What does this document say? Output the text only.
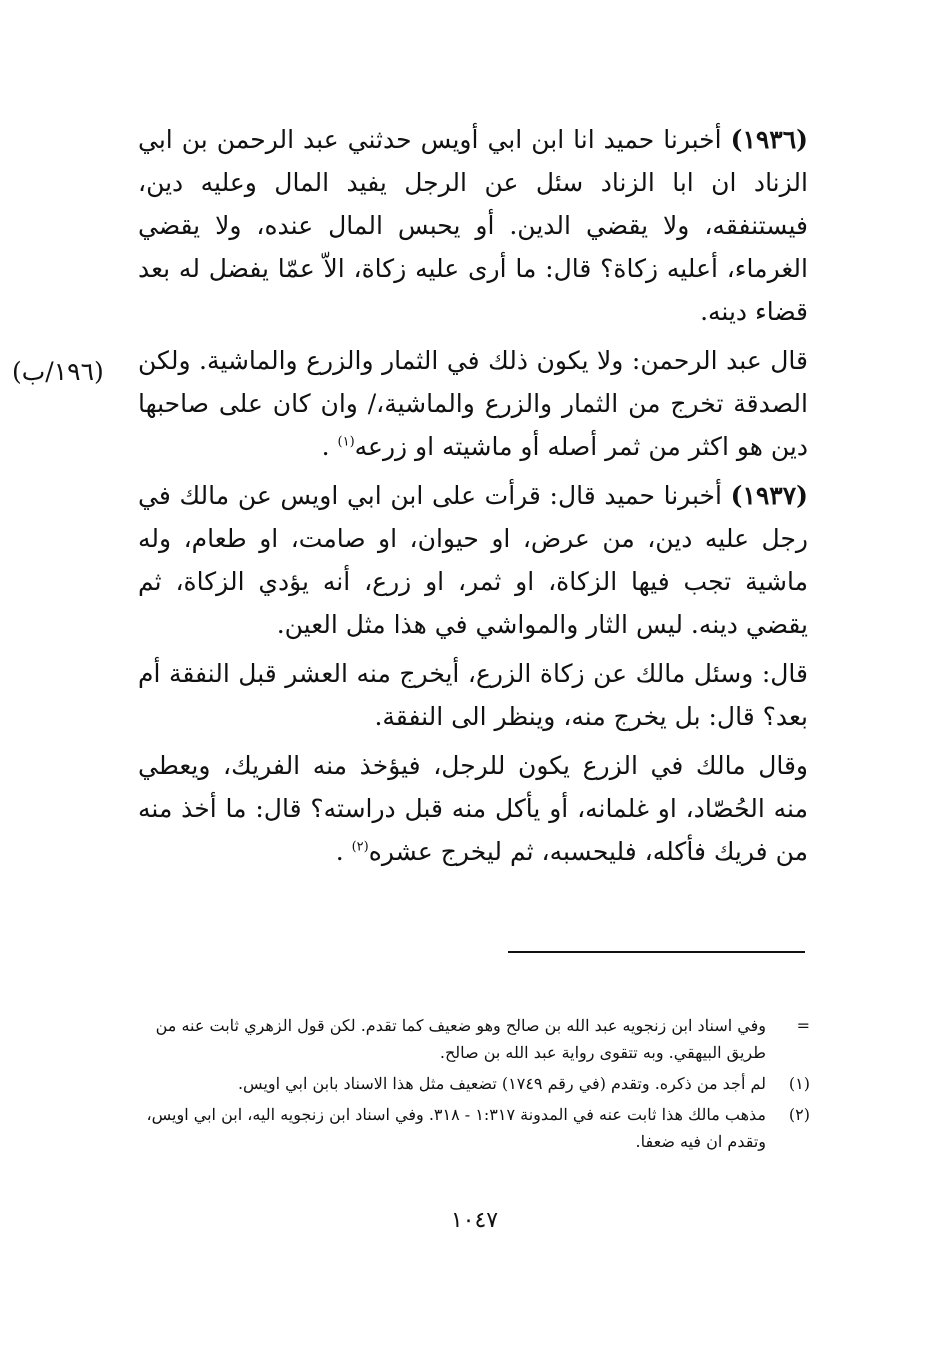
(١٩٣٦) أخبرنا حميد انا ابن ابي أويس حدثني عبد الرحمن بن ابي الزناد ان ابا الزناد سئل عن الرجل يفيد المال وعليه دين، فيستنفقه، ولا يقضي الدين. أو يحبس المال عنده، ولا يقضي الغرماء، أعليه زكاة؟ قال: ما أرى عليه زكاة، الاّ عمّا يفضل له بعد قضاء دينه.

قال عبد الرحمن: ولا يكون ذلك في الثمار والزرع والماشية. ولكن الصدقة تخرج من الثمار والزرع والماشية،/ وان كان على صاحبها دين هو اكثر من ثمر أصله أو ماشيته او زرعه$^{(١)}$ .

(١٩٣٧) أخبرنا حميد قال: قرأت على ابن ابي اويس عن مالك في رجل عليه دين، من عرض، او حيوان، او صامت، او طعام، وله ماشية تجب فيها الزكاة، او ثمر، او زرع، أنه يؤدي الزكاة، ثم يقضي دينه. ليس الثار والمواشي في هذا مثل العين.

قال: وسئل مالك عن زكاة الزرع، أيخرج منه العشر قبل النفقة أم بعد؟ قال: بل يخرج منه، وينظر الى النفقة.

وقال مالك في الزرع يكون للرجل، فيؤخذ منه الفريك، ويعطي منه الحُصّاد، او غلمانه، أو يأكل منه قبل دراسته؟ قال: ما أخذ منه من فريك فأكله، فليحسبه، ثم ليخرج عشره$^{(٢)}$ .

(١٩٦/ب)
=
وفي اسناد ابن زنجويه عبد الله بن صالح وهو ضعيف كما تقدم. لكن قول الزهري ثابت عنه من طريق البيهقي. وبه تتقوى رواية عبد الله بن صالح.
(١)
لم أجد من ذكره. وتقدم (في رقم ١٧٤٩) تضعيف مثل هذا الاسناد بابن ابي اويس.
(٢)
مذهب مالك هذا ثابت عنه في المدونة ١:٣١٧ - ٣١٨. وفي اسناد ابن زنجويه اليه، ابن ابي اويس، وتقدم ان فيه ضعفا.
١٠٤٧
